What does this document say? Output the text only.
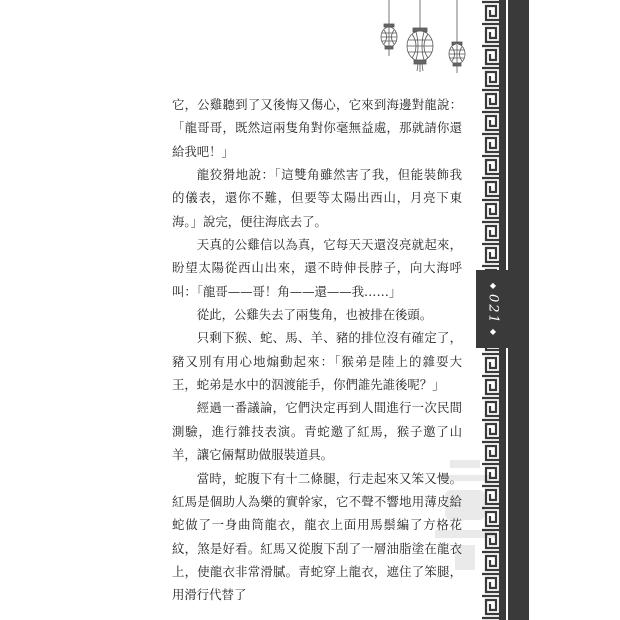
◆
021
◆

它，公雞聽到了又後悔又傷心，它來到海邊對龍說：「龍哥哥，既然這兩隻角對你毫無益處，那就請你還給我吧！」

龍狡猾地說：「這雙角雖然害了我，但能裝飾我的儀表，還你不難，但要等太陽出西山，月亮下東海。」說完，便往海底去了。

天真的公雞信以為真，它每天天還沒亮就起來，盼望太陽從西山出來，還不時伸長脖子，向大海呼叫：「龍哥——哥！角——還——我……」

從此，公雞失去了兩隻角，也被排在後頭。

只剩下猴、蛇、馬、羊、豬的排位沒有確定了，豬又別有用心地煽動起來：「猴弟是陸上的雜耍大王，蛇弟是水中的泅渡能手，你們誰先誰後呢？」

經過一番議論，它們決定再到人間進行一次民間測驗，進行雜技表演。青蛇邀了紅馬，猴子邀了山羊，讓它倆幫助做服裝道具。

當時，蛇腹下有十二條腿，行走起來又笨又慢。紅馬是個助人為樂的實幹家，它不聲不響地用薄皮給蛇做了一身曲筒龍衣，龍衣上面用馬鬃編了方格花紋，煞是好看。紅馬又從腹下刮了一層油脂塗在龍衣上，使龍衣非常滑膩。青蛇穿上龍衣，遮住了笨腿，用滑行代替了
